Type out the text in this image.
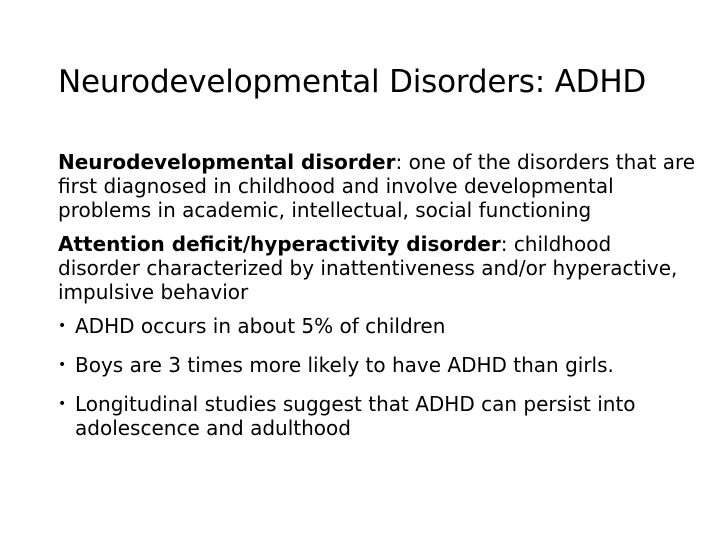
Neurodevelopmental Disorders: ADHD

Neurodevelopmental disorder: one of the disorders that are first diagnosed in childhood and involve developmental problems in academic, intellectual, social functioning

Attention deficit/hyperactivity disorder: childhood disorder characterized by inattentiveness and/or hyperactive, impulsive behavior

• ADHD occurs in about 5% of children
• Boys are 3 times more likely to have ADHD than girls.
• Longitudinal studies suggest that ADHD can persist into adolescence and adulthood
